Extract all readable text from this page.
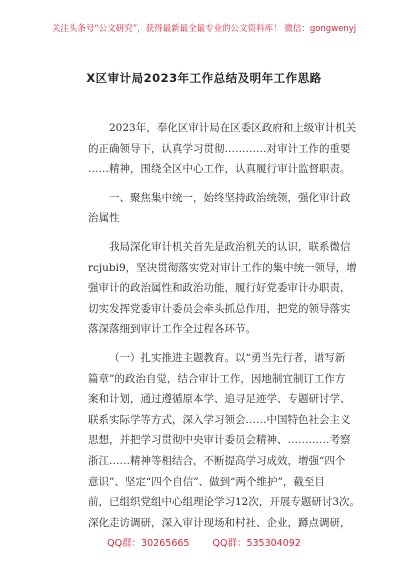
关注头条号“公文研究”，获得最新最全最专业的公文资料库！ 微信：gongwenyj
X区审计局2023年工作总结及明年工作思路
2023年，奉化区审计局在区委区政府和上级审计机关
的正确领导下，认真学习贯彻…………对审计工作的重要
……精神，围绕全区中心工作，认真履行审计监督职责。
一、聚焦集中统一，始终坚持政治统领，强化审计政
治属性
我局深化审计机关首先是政治机关的认识，联系微信
rcjubi9，坚决贯彻落实党对审计工作的集中统一领导，增
强审计的政治属性和政治功能，履行好党委审计办职责，
切实发挥党委审计委员会牵头抓总作用，把党的领导落实
落深落细到审计工作全过程各环节。
（一）扎实推进主题教育。以“勇当先行者，谱写新
篇章”的政治自觉，结合审计工作，因地制宜制订工作方
案和计划，通过遵循原本学、追寻足迹学、专题研讨学、
联系实际学等方式，深入学习领会……中国特色社会主义
思想，并把学习贯彻中央审计委员会精神、…………考察
浙江……精神等相结合，不断提高学习成效，增强“四个
意识”、坚定“四个自信”、做到“两个维护”，截至目
前，已组织党组中心组理论学习12次，开展专题研讨3次。
深化走访调研，深入审计现场和村社、企业，蹲点调研，
QQ群：30265665 QQ群：535304092
